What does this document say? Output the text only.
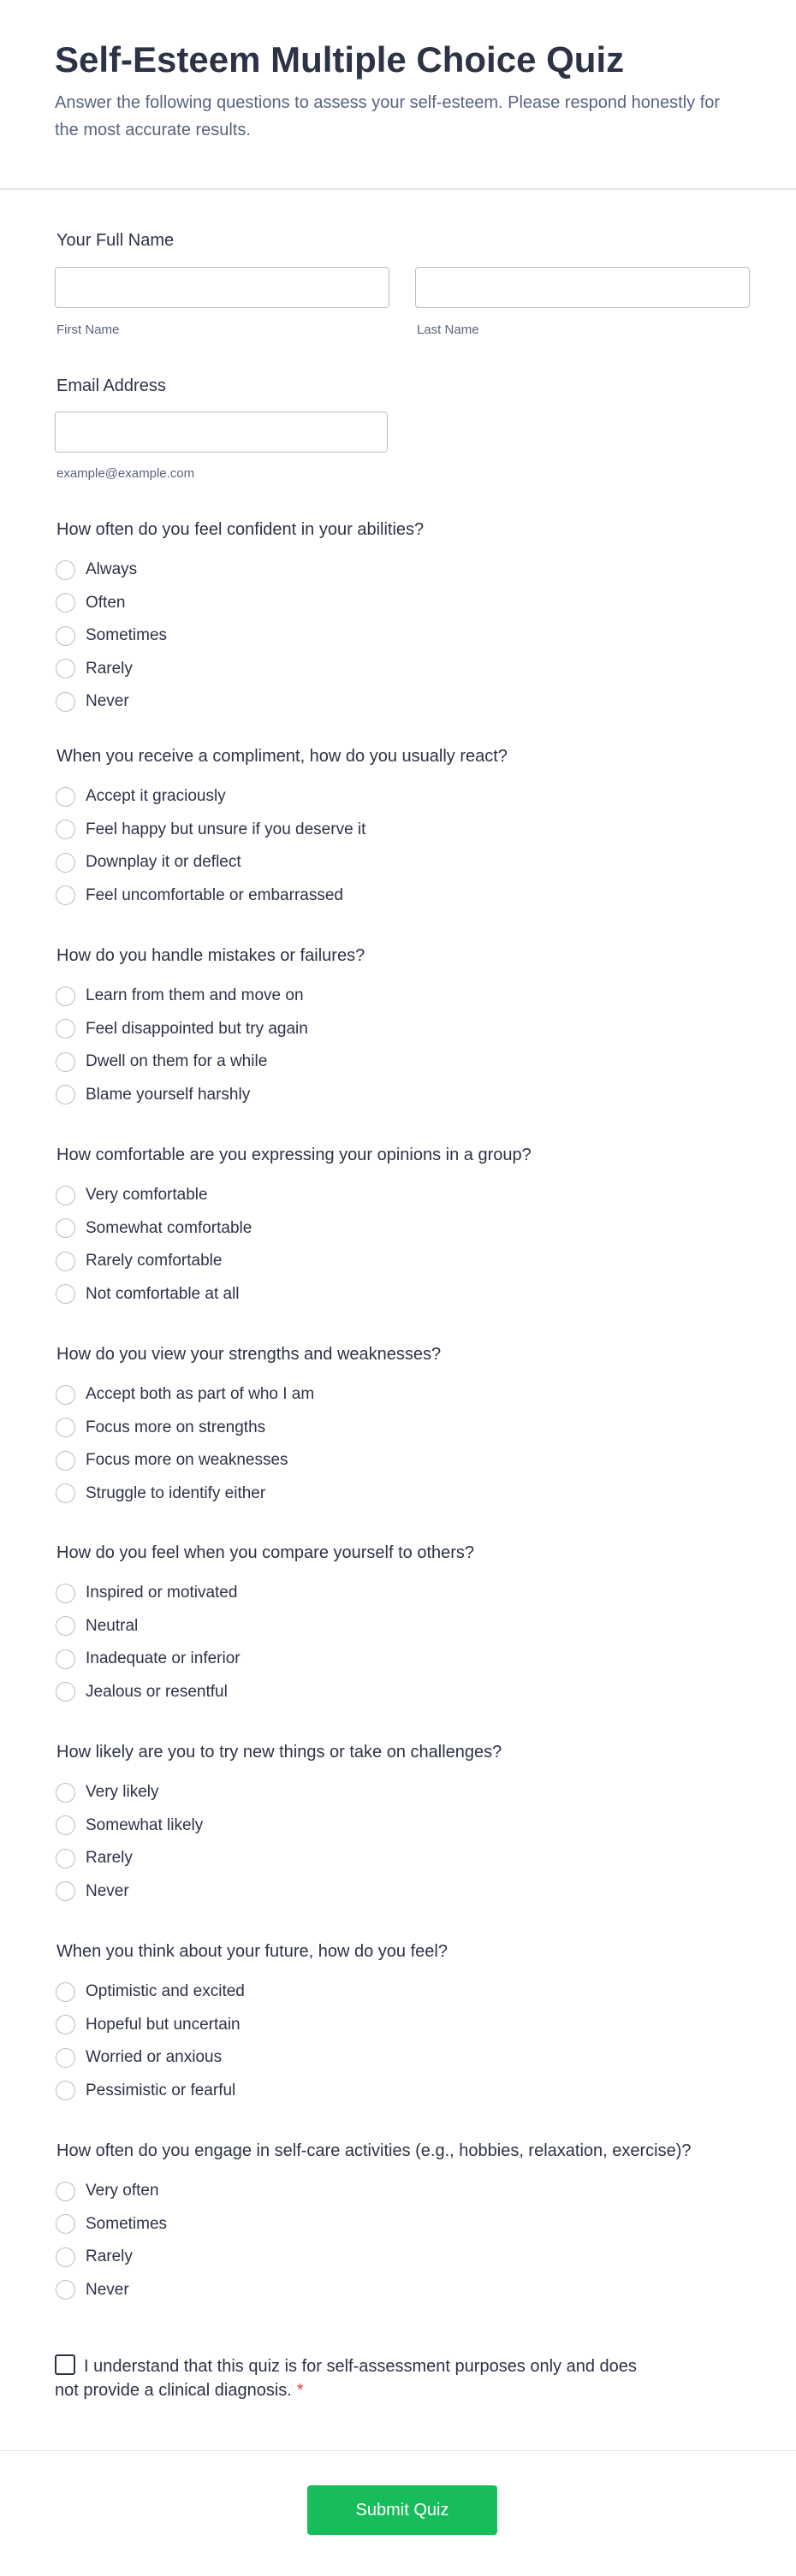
Self-Esteem Multiple Choice Quiz

Answer the following questions to assess your self-esteem. Please respond honestly for the most accurate results.

Your Full Name
First Name	Last Name
Email Address
example@example.com
How often do you feel confident in your abilities?
Always
Often
Sometimes
Rarely
Never
When you receive a compliment, how do you usually react?
Accept it graciously
Feel happy but unsure if you deserve it
Downplay it or deflect
Feel uncomfortable or embarrassed
How do you handle mistakes or failures?
Learn from them and move on
Feel disappointed but try again
Dwell on them for a while
Blame yourself harshly
How comfortable are you expressing your opinions in a group?
Very comfortable
Somewhat comfortable
Rarely comfortable
Not comfortable at all
How do you view your strengths and weaknesses?
Accept both as part of who I am
Focus more on strengths
Focus more on weaknesses
Struggle to identify either
How do you feel when you compare yourself to others?
Inspired or motivated
Neutral
Inadequate or inferior
Jealous or resentful
How likely are you to try new things or take on challenges?
Very likely
Somewhat likely
Rarely
Never
When you think about your future, how do you feel?
Optimistic and excited
Hopeful but uncertain
Worried or anxious
Pessimistic or fearful
How often do you engage in self-care activities (e.g., hobbies, relaxation, exercise)?
Very often
Sometimes
Rarely
Never
I understand that this quiz is for self-assessment purposes only and does not provide a clinical diagnosis. *
Submit Quiz
